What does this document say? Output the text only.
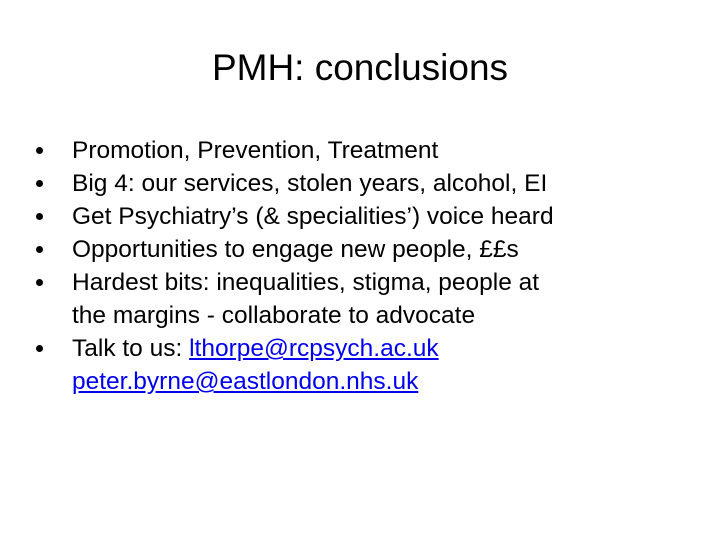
PMH: conclusions
Promotion, Prevention, Treatment
Big 4: our services, stolen years, alcohol, EI
Get Psychiatry’s (& specialities’) voice heard
Opportunities to engage new people, ££s
Hardest bits: inequalities, stigma, people at
the margins - collaborate to advocate
Talk to us: lthorpe@rcpsych.ac.uk
peter.byrne@eastlondon.nhs.uk
